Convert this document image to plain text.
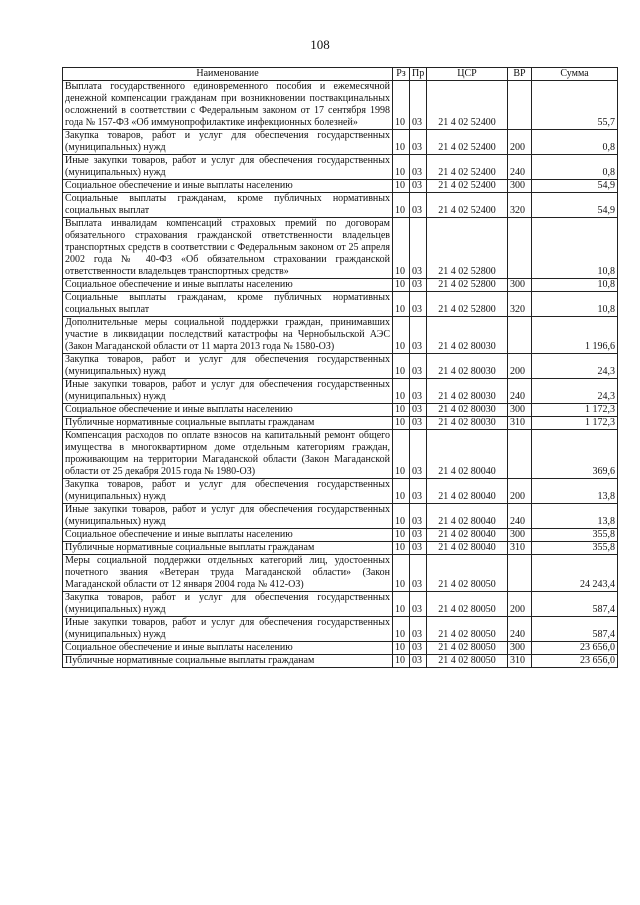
108
Наименование	Рз	Пр	ЦСР	ВР	Сумма
Выплата государственного единовременного пособия и ежемесячной денежной компенсации гражданам при возникновении поствакцинальных осложнений в соответствии с Федеральным законом от 17 сентября 1998 года № 157-ФЗ «Об иммунопрофилактике инфекционных болезней»	10	03	21 4 02 52400		55,7
Закупка товаров, работ и услуг для обеспечения государственных (муниципальных) нужд	10	03	21 4 02 52400	200	0,8
Иные закупки товаров, работ и услуг для обеспечения государственных (муниципальных) нужд	10	03	21 4 02 52400	240	0,8
Социальное обеспечение и иные выплаты населению	10	03	21 4 02 52400	300	54,9
Социальные выплаты гражданам, кроме публичных нормативных социальных выплат	10	03	21 4 02 52400	320	54,9
Выплата инвалидам компенсаций страховых премий по договорам обязательного страхования гражданской ответственности владельцев транспортных средств в соответствии с Федеральным законом от 25 апреля 2002 года № 40-ФЗ «Об обязательном страховании гражданской ответственности владельцев транспортных средств»	10	03	21 4 02 52800		10,8
Социальное обеспечение и иные выплаты населению	10	03	21 4 02 52800	300	10,8
Социальные выплаты гражданам, кроме публичных нормативных социальных выплат	10	03	21 4 02 52800	320	10,8
Дополнительные меры социальной поддержки граждан, принимавших участие в ликвидации последствий катастрофы на Чернобыльской АЭС (Закон Магаданской области от 11 марта 2013 года № 1580-ОЗ)	10	03	21 4 02 80030		1 196,6
Закупка товаров, работ и услуг для обеспечения государственных (муниципальных) нужд	10	03	21 4 02 80030	200	24,3
Иные закупки товаров, работ и услуг для обеспечения государственных (муниципальных) нужд	10	03	21 4 02 80030	240	24,3
Социальное обеспечение и иные выплаты населению	10	03	21 4 02 80030	300	1 172,3
Публичные нормативные социальные выплаты гражданам	10	03	21 4 02 80030	310	1 172,3
Компенсация расходов по оплате взносов на капитальный ремонт общего имущества в многоквартирном доме отдельным категориям граждан, проживающим на территории Магаданской области (Закон Магаданской области от 25 декабря 2015 года № 1980-ОЗ)	10	03	21 4 02 80040		369,6
Закупка товаров, работ и услуг для обеспечения государственных (муниципальных) нужд	10	03	21 4 02 80040	200	13,8
Иные закупки товаров, работ и услуг для обеспечения государственных (муниципальных) нужд	10	03	21 4 02 80040	240	13,8
Социальное обеспечение и иные выплаты населению	10	03	21 4 02 80040	300	355,8
Публичные нормативные социальные выплаты гражданам	10	03	21 4 02 80040	310	355,8
Меры социальной поддержки отдельных категорий лиц, удостоенных почетного звания «Ветеран труда Магаданской области» (Закон Магаданской области от 12 января 2004 года № 412-ОЗ)	10	03	21 4 02 80050		24 243,4
Закупка товаров, работ и услуг для обеспечения государственных (муниципальных) нужд	10	03	21 4 02 80050	200	587,4
Иные закупки товаров, работ и услуг для обеспечения государственных (муниципальных) нужд	10	03	21 4 02 80050	240	587,4
Социальное обеспечение и иные выплаты населению	10	03	21 4 02 80050	300	23 656,0
Публичные нормативные социальные выплаты гражданам	10	03	21 4 02 80050	310	23 656,0
